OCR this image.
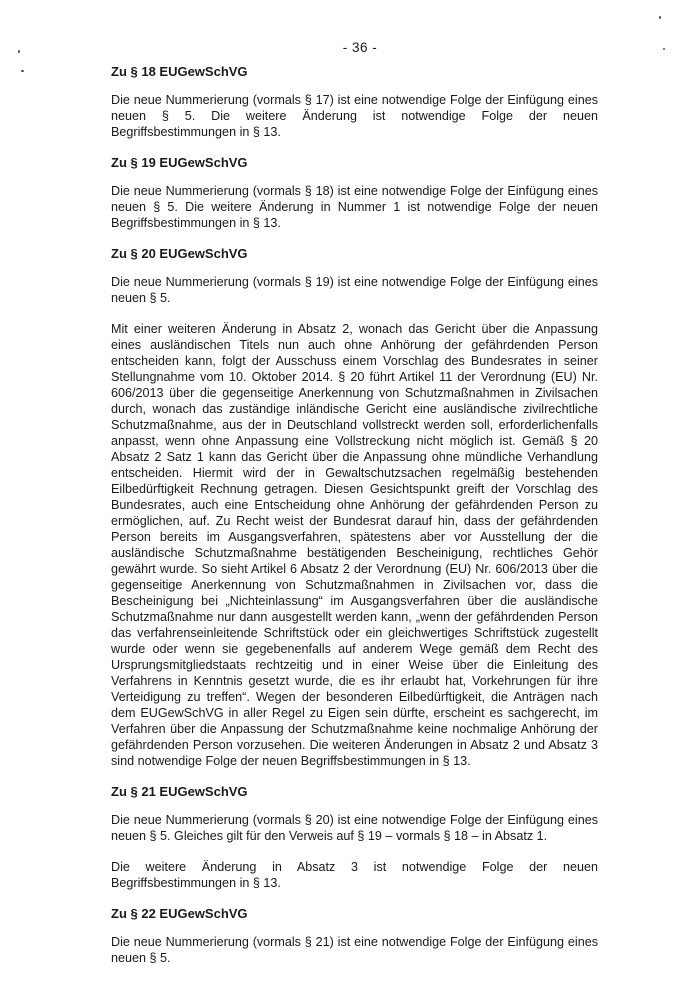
- 36 -
Zu § 18 EUGewSchVG

Die neue Nummerierung (vormals § 17) ist eine notwendige Folge der Einfügung eines neuen § 5. Die weitere Änderung ist notwendige Folge der neuen Begriffsbestimmungen in § 13.

Zu § 19 EUGewSchVG

Die neue Nummerierung (vormals § 18) ist eine notwendige Folge der Einfügung eines neuen § 5. Die weitere Änderung in Nummer 1 ist notwendige Folge der neuen Begriffsbestimmungen in § 13.

Zu § 20 EUGewSchVG

Die neue Nummerierung (vormals § 19) ist eine notwendige Folge der Einfügung eines neuen § 5.

Mit einer weiteren Änderung in Absatz 2, wonach das Gericht über die Anpassung eines ausländischen Titels nun auch ohne Anhörung der gefährdenden Person entscheiden kann, folgt der Ausschuss einem Vorschlag des Bundesrates in seiner Stellungnahme vom 10. Oktober 2014. § 20 führt Artikel 11 der Verordnung (EU) Nr. 606/2013 über die gegenseitige Anerkennung von Schutzmaßnahmen in Zivilsachen durch, wonach das zuständige inländische Gericht eine ausländische zivilrechtliche Schutzmaßnahme, aus der in Deutschland vollstreckt werden soll, erforderlichenfalls anpasst, wenn ohne Anpassung eine Vollstreckung nicht möglich ist. Gemäß § 20 Absatz 2 Satz 1 kann das Gericht über die Anpassung ohne mündliche Verhandlung entscheiden. Hiermit wird der in Gewaltschutzsachen regelmäßig bestehenden Eilbedürftigkeit Rechnung getragen. Diesen Gesichtspunkt greift der Vorschlag des Bundesrates, auch eine Entscheidung ohne Anhörung der gefährdenden Person zu ermöglichen, auf. Zu Recht weist der Bundesrat darauf hin, dass der gefährdenden Person bereits im Ausgangsverfahren, spätestens aber vor Ausstellung der die ausländische Schutzmaßnahme bestätigenden Bescheinigung, rechtliches Gehör gewährt wurde. So sieht Artikel 6 Absatz 2 der Verordnung (EU) Nr. 606/2013 über die gegenseitige Anerkennung von Schutzmaßnahmen in Zivilsachen vor, dass die Bescheinigung bei „Nichteinlassung“ im Ausgangsverfahren über die ausländische Schutzmaßnahme nur dann ausgestellt werden kann, „wenn der gefährdenden Person das verfahrenseinleitende Schriftstück oder ein gleichwertiges Schriftstück zugestellt wurde oder wenn sie gegebenenfalls auf anderem Wege gemäß dem Recht des Ursprungsmitgliedstaats rechtzeitig und in einer Weise über die Einleitung des Verfahrens in Kenntnis gesetzt wurde, die es ihr erlaubt hat, Vorkehrungen für ihre Verteidigung zu treffen“. Wegen der besonderen Eilbedürftigkeit, die Anträgen nach dem EUGewSchVG in aller Regel zu Eigen sein dürfte, erscheint es sachgerecht, im Verfahren über die Anpassung der Schutzmaßnahme keine nochmalige Anhörung der gefährdenden Person vorzusehen. Die weiteren Änderungen in Absatz 2 und Absatz 3 sind notwendige Folge der neuen Begriffsbestimmungen in § 13.

Zu § 21 EUGewSchVG

Die neue Nummerierung (vormals § 20) ist eine notwendige Folge der Einfügung eines neuen § 5. Gleiches gilt für den Verweis auf § 19 – vormals § 18 – in Absatz 1.

Die weitere Änderung in Absatz 3 ist notwendige Folge der neuen Begriffsbestimmungen in § 13.

Zu § 22 EUGewSchVG

Die neue Nummerierung (vormals § 21) ist eine notwendige Folge der Einfügung eines neuen § 5.
